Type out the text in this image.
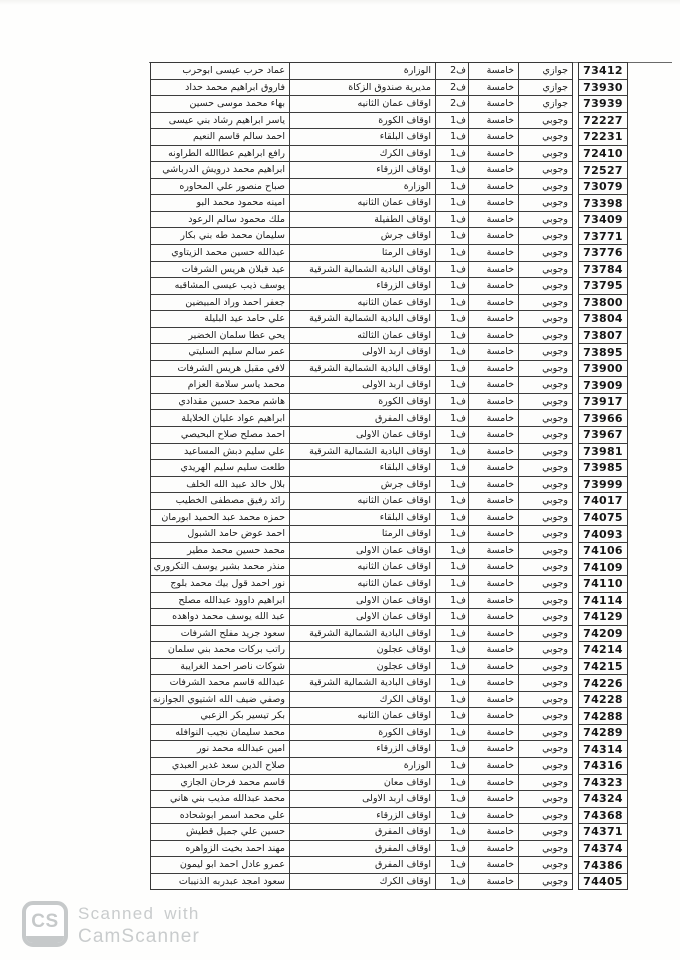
جوازي
خامسة
ف2
الوزارة
عماد حرب عيسى ابوحرب
جوازي
خامسة
ف2
مديرية صندوق الزكاة
فاروق ابراهيم محمد حداد
جوازي
خامسة
ف2
اوقاف عمان الثانيه
بهاء محمد موسى حسين
وجوبي
خامسة
ف1
اوقاف الكورة
ياسر ابراهيم رشاد بني عيسى
وجوبي
خامسة
ف1
اوقاف البلقاء
احمد سالم قاسم النعيم
وجوبي
خامسة
ف1
اوقاف الكرك
رافع ابراهيم عطاالله الطراونه
وجوبي
خامسة
ف1
اوقاف الزرقاء
ابراهيم محمد درويش الدرباشي
وجوبي
خامسة
ف1
الوزارة
صباح منصور علي المحاوره
وجوبي
خامسة
ف1
اوقاف عمان الثانيه
امينه محمود محمد البو
وجوبي
خامسة
ف1
اوقاف الطفيلة
ملك محمود سالم الرعود
وجوبي
خامسة
ف1
اوقاف جرش
سليمان محمد طه بني بكار
وجوبي
خامسة
ف1
اوقاف الرمثا
عبدالله حسين محمد الزيتاوي
وجوبي
خامسة
ف1
اوقاف البادية الشمالية الشرقية
عيد قبلان هريس الشرفات
وجوبي
خامسة
ف1
اوقاف الزرقاء
يوسف ذيب عيسى المشاقبه
وجوبي
خامسة
ف1
اوقاف عمان الثانيه
جعفر احمد وراد المبيضين
وجوبي
خامسة
ف1
اوقاف البادية الشمالية الشرقية
علي حامد عيد البليلة
وجوبي
خامسة
ف1
اوقاف عمان الثالثه
يحي عطا سلمان الخضير
وجوبي
خامسة
ف1
اوقاف اربد الاولى
عمر سالم سليم السليتي
وجوبي
خامسة
ف1
اوقاف البادية الشمالية الشرقية
لافي مقبل هريس الشرفات
وجوبي
خامسة
ف1
اوقاف اربد الاولى
محمد ياسر سلامة العزام
وجوبي
خامسة
ف1
اوقاف الكورة
هاشم محمد حسين مقدادي
وجوبي
خامسة
ف1
اوقاف المفرق
ابراهيم عواد عليان الخلايلة
وجوبي
خامسة
ف1
اوقاف عمان الاولى
احمد مصلح صلاح البحيصي
وجوبي
خامسة
ف1
اوقاف البادية الشمالية الشرقية
علي سليم دبش المساعيد
وجوبي
خامسة
ف1
اوقاف البلقاء
طلعت سليم سليم الهريدي
وجوبي
خامسة
ف1
اوقاف جرش
بلال خالد عبيد الله الخلف
وجوبي
خامسة
ف1
اوقاف عمان الثانيه
رائد رفيق مصطفى الخطيب
وجوبي
خامسة
ف1
اوقاف البلقاء
حمزه محمد عبد الحميد ابورمان
وجوبي
خامسة
ف1
اوقاف الرمثا
احمد عوض حامد الشبول
وجوبي
خامسة
ف1
اوقاف عمان الاولى
محمد حسين محمد مطير
وجوبي
خامسة
ف1
اوقاف عمان الثانيه
منذر محمد بشير يوسف التكروري
وجوبي
خامسة
ف1
اوقاف عمان الثانيه
نور احمد قول بيك محمد بلوج
وجوبي
خامسة
ف1
اوقاف عمان الاولى
ابراهيم داوود عبدالله مصلح
وجوبي
خامسة
ف1
اوقاف عمان الاولى
عبد الله يوسف محمد دواهده
وجوبي
خامسة
ف1
اوقاف البادية الشمالية الشرقية
سعود جريد مفلح الشرفات
وجوبي
خامسة
ف1
اوقاف عجلون
راتب بركات محمد بني سلمان
وجوبي
خامسة
ف1
اوقاف عجلون
شوكات ناصر احمد الغرايبة
وجوبي
خامسة
ف1
اوقاف البادية الشمالية الشرقية
عبدالله قاسم محمد الشرفات
وجوبي
خامسة
ف1
اوقاف الكرك
وصفي ضيف الله اشتيوي الجوازنه
وجوبي
خامسة
ف1
اوقاف عمان الثانيه
بكر تيسير بكر الزعبي
وجوبي
خامسة
ف1
اوقاف الكورة
محمد سليمان نجيب النوافله
وجوبي
خامسة
ف1
اوقاف الزرقاء
امين عبدالله محمد نور
وجوبي
خامسة
ف1
الوزارة
صلاح الدين سعد غدير العبدي
وجوبي
خامسة
ف1
اوقاف معان
قاسم محمد فرحان الجازي
وجوبي
خامسة
ف1
اوقاف اربد الاولى
محمد عبدالله مذيب بني هاني
وجوبي
خامسة
ف1
اوقاف الزرقاء
علي محمد اسمر ابوشحاده
وجوبي
خامسة
ف1
اوقاف المفرق
حسين علي جميل قطيش
وجوبي
خامسة
ف1
اوقاف المفرق
مهند احمد بخيت الزواهره
وجوبي
خامسة
ف1
اوقاف المفرق
عمرو عادل احمد ابو ليمون
وجوبي
خامسة
ف1
اوقاف الكرك
سعود امجد عبدربه الذنيبات
73412
73930
73939
72227
72231
72410
72527
73079
73398
73409
73771
73776
73784
73795
73800
73804
73807
73895
73900
73909
73917
73966
73967
73981
73985
73999
74017
74075
74093
74106
74109
74110
74114
74129
74209
74214
74215
74226
74228
74288
74289
74314
74316
74323
74324
74368
74371
74374
74386
74405
CS Scanned with
CamScanner
